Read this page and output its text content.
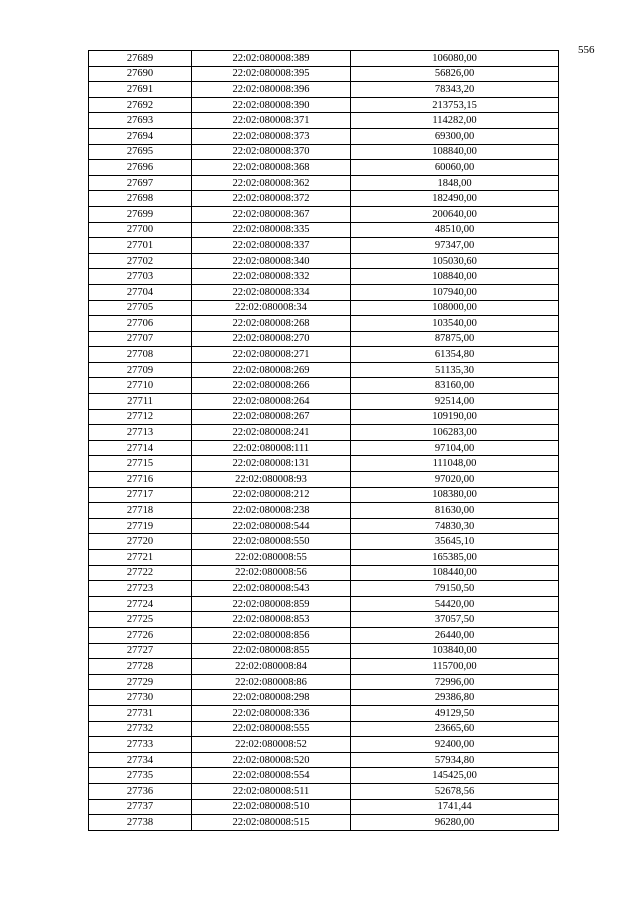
556
27689	22:02:080008:389	106080,00
27690	22:02:080008:395	56826,00
27691	22:02:080008:396	78343,20
27692	22:02:080008:390	213753,15
27693	22:02:080008:371	114282,00
27694	22:02:080008:373	69300,00
27695	22:02:080008:370	108840,00
27696	22:02:080008:368	60060,00
27697	22:02:080008:362	1848,00
27698	22:02:080008:372	182490,00
27699	22:02:080008:367	200640,00
27700	22:02:080008:335	48510,00
27701	22:02:080008:337	97347,00
27702	22:02:080008:340	105030,60
27703	22:02:080008:332	108840,00
27704	22:02:080008:334	107940,00
27705	22:02:080008:34	108000,00
27706	22:02:080008:268	103540,00
27707	22:02:080008:270	87875,00
27708	22:02:080008:271	61354,80
27709	22:02:080008:269	51135,30
27710	22:02:080008:266	83160,00
27711	22:02:080008:264	92514,00
27712	22:02:080008:267	109190,00
27713	22:02:080008:241	106283,00
27714	22:02:080008:111	97104,00
27715	22:02:080008:131	111048,00
27716	22:02:080008:93	97020,00
27717	22:02:080008:212	108380,00
27718	22:02:080008:238	81630,00
27719	22:02:080008:544	74830,30
27720	22:02:080008:550	35645,10
27721	22:02:080008:55	165385,00
27722	22:02:080008:56	108440,00
27723	22:02:080008:543	79150,50
27724	22:02:080008:859	54420,00
27725	22:02:080008:853	37057,50
27726	22:02:080008:856	26440,00
27727	22:02:080008:855	103840,00
27728	22:02:080008:84	115700,00
27729	22:02:080008:86	72996,00
27730	22:02:080008:298	29386,80
27731	22:02:080008:336	49129,50
27732	22:02:080008:555	23665,60
27733	22:02:080008:52	92400,00
27734	22:02:080008:520	57934,80
27735	22:02:080008:554	145425,00
27736	22:02:080008:511	52678,56
27737	22:02:080008:510	1741,44
27738	22:02:080008:515	96280,00
